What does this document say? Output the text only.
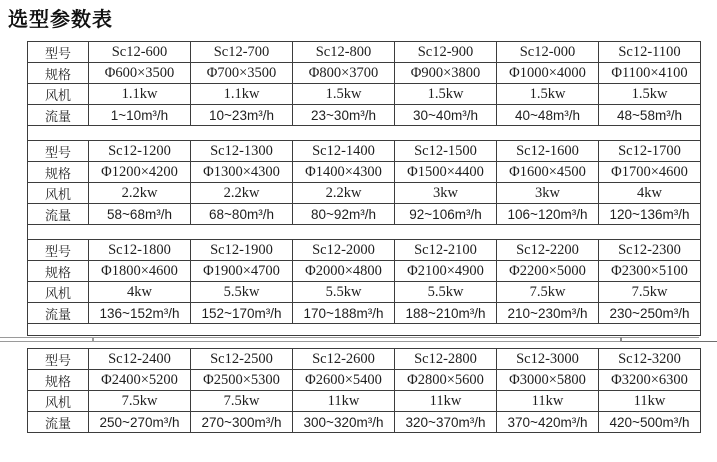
选型参数表
型号	Sc12-600	Sc12-700	Sc12-800	Sc12-900	Sc12-000	Sc12-1100
规格	Φ600×3500	Φ700×3500	Φ800×3700	Φ900×3800	Φ1000×4000	Φ1100×4100
风机	1.1kw	1.1kw	1.5kw	1.5kw	1.5kw	1.5kw
流量	1~10m³/h	10~23m³/h	23~30m³/h	30~40m³/h	40~48m³/h	48~58m³/h
型号	Sc12-1200	Sc12-1300	Sc12-1400	Sc12-1500	Sc12-1600	Sc12-1700
规格	Φ1200×4200	Φ1300×4300	Φ1400×4300	Φ1500×4400	Φ1600×4500	Φ1700×4600
风机	2.2kw	2.2kw	2.2kw	3kw	3kw	4kw
流量	58~68m³/h	68~80m³/h	80~92m³/h	92~106m³/h	106~120m³/h	120~136m³/h
型号	Sc12-1800	Sc12-1900	Sc12-2000	Sc12-2100	Sc12-2200	Sc12-2300
规格	Φ1800×4600	Φ1900×4700	Φ2000×4800	Φ2100×4900	Φ2200×5000	Φ2300×5100
风机	4kw	5.5kw	5.5kw	5.5kw	7.5kw	7.5kw
流量	136~152m³/h	152~170m³/h	170~188m³/h	188~210m³/h	210~230m³/h	230~250m³/h
型号	Sc12-2400	Sc12-2500	Sc12-2600	Sc12-2800	Sc12-3000	Sc12-3200
规格	Φ2400×5200	Φ2500×5300	Φ2600×5400	Φ2800×5600	Φ3000×5800	Φ3200×6300
风机	7.5kw	7.5kw	11kw	11kw	11kw	11kw
流量	250~270m³/h	270~300m³/h	300~320m³/h	320~370m³/h	370~420m³/h	420~500m³/h
